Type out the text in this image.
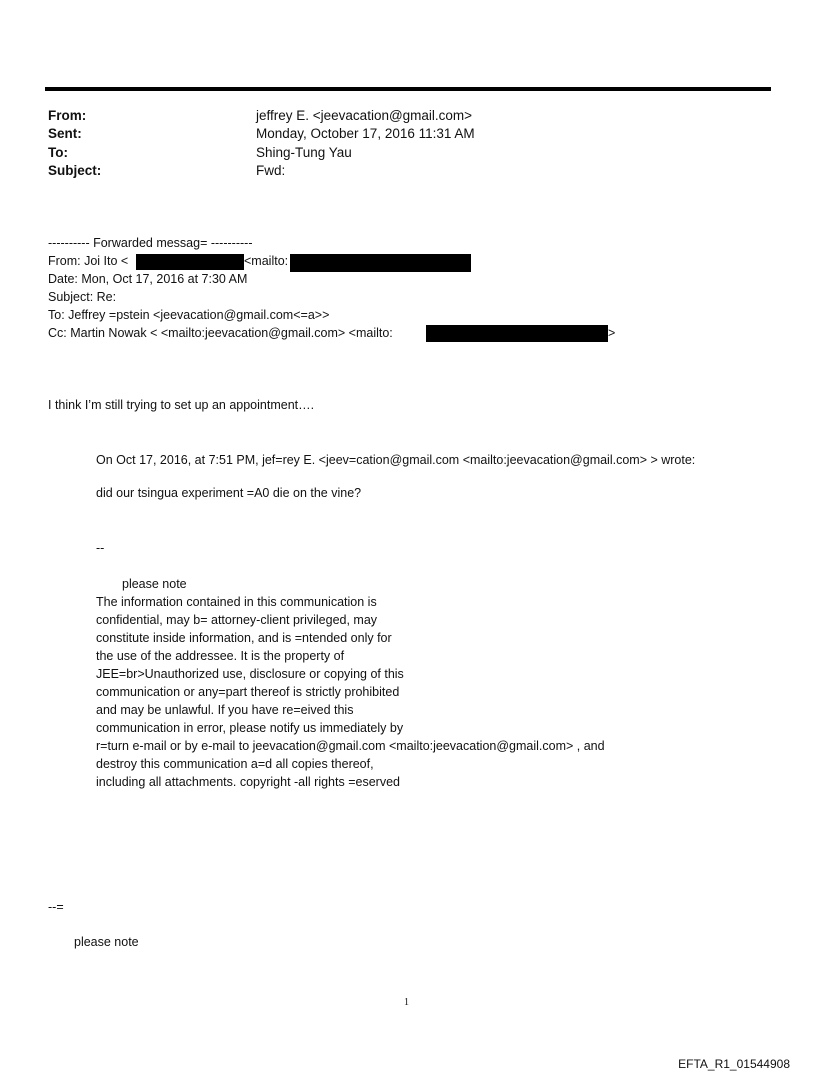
From:	jeffrey E. <jeevacation@gmail.com>
Sent:	Monday, October 17, 2016 11:31 AM
To:	Shing-Tung Yau
Subject:	Fwd:
---------- Forwarded messag= ----------
From: Joi Ito <	<mailto:
Date: Mon, Oct 17, 2016 at 7:30 AM
Subject: Re:
To: Jeffrey =pstein <jeevacation@gmail.com<=a>>
Cc: Martin Nowak < <mailto:jeevacation@gmail.com> <mailto:	>
I think I’m still trying to set up an appointment….
On Oct 17, 2016, at 7:51 PM, jef=rey E. <jeev=cation@gmail.com <mailto:jeevacation@gmail.com> > wrote:
did our tsingua experiment =A0 die on the vine?
--
please note
The information contained in this communication is
confidential, may b= attorney-client privileged, may
constitute inside information, and is =ntended only for
the use of the addressee. It is the property of
JEE=br>Unauthorized use, disclosure or copying of this
communication or any=part thereof is strictly prohibited
and may be unlawful. If you have re=eived this
communication in error, please notify us immediately by
r=turn e-mail or by e-mail to jeevacation@gmail.com <mailto:jeevacation@gmail.com> , and
destroy this communication a=d all copies thereof,
including all attachments. copyright -all rights =eserved
--=
please note
1
EFTA_R1_01544908
